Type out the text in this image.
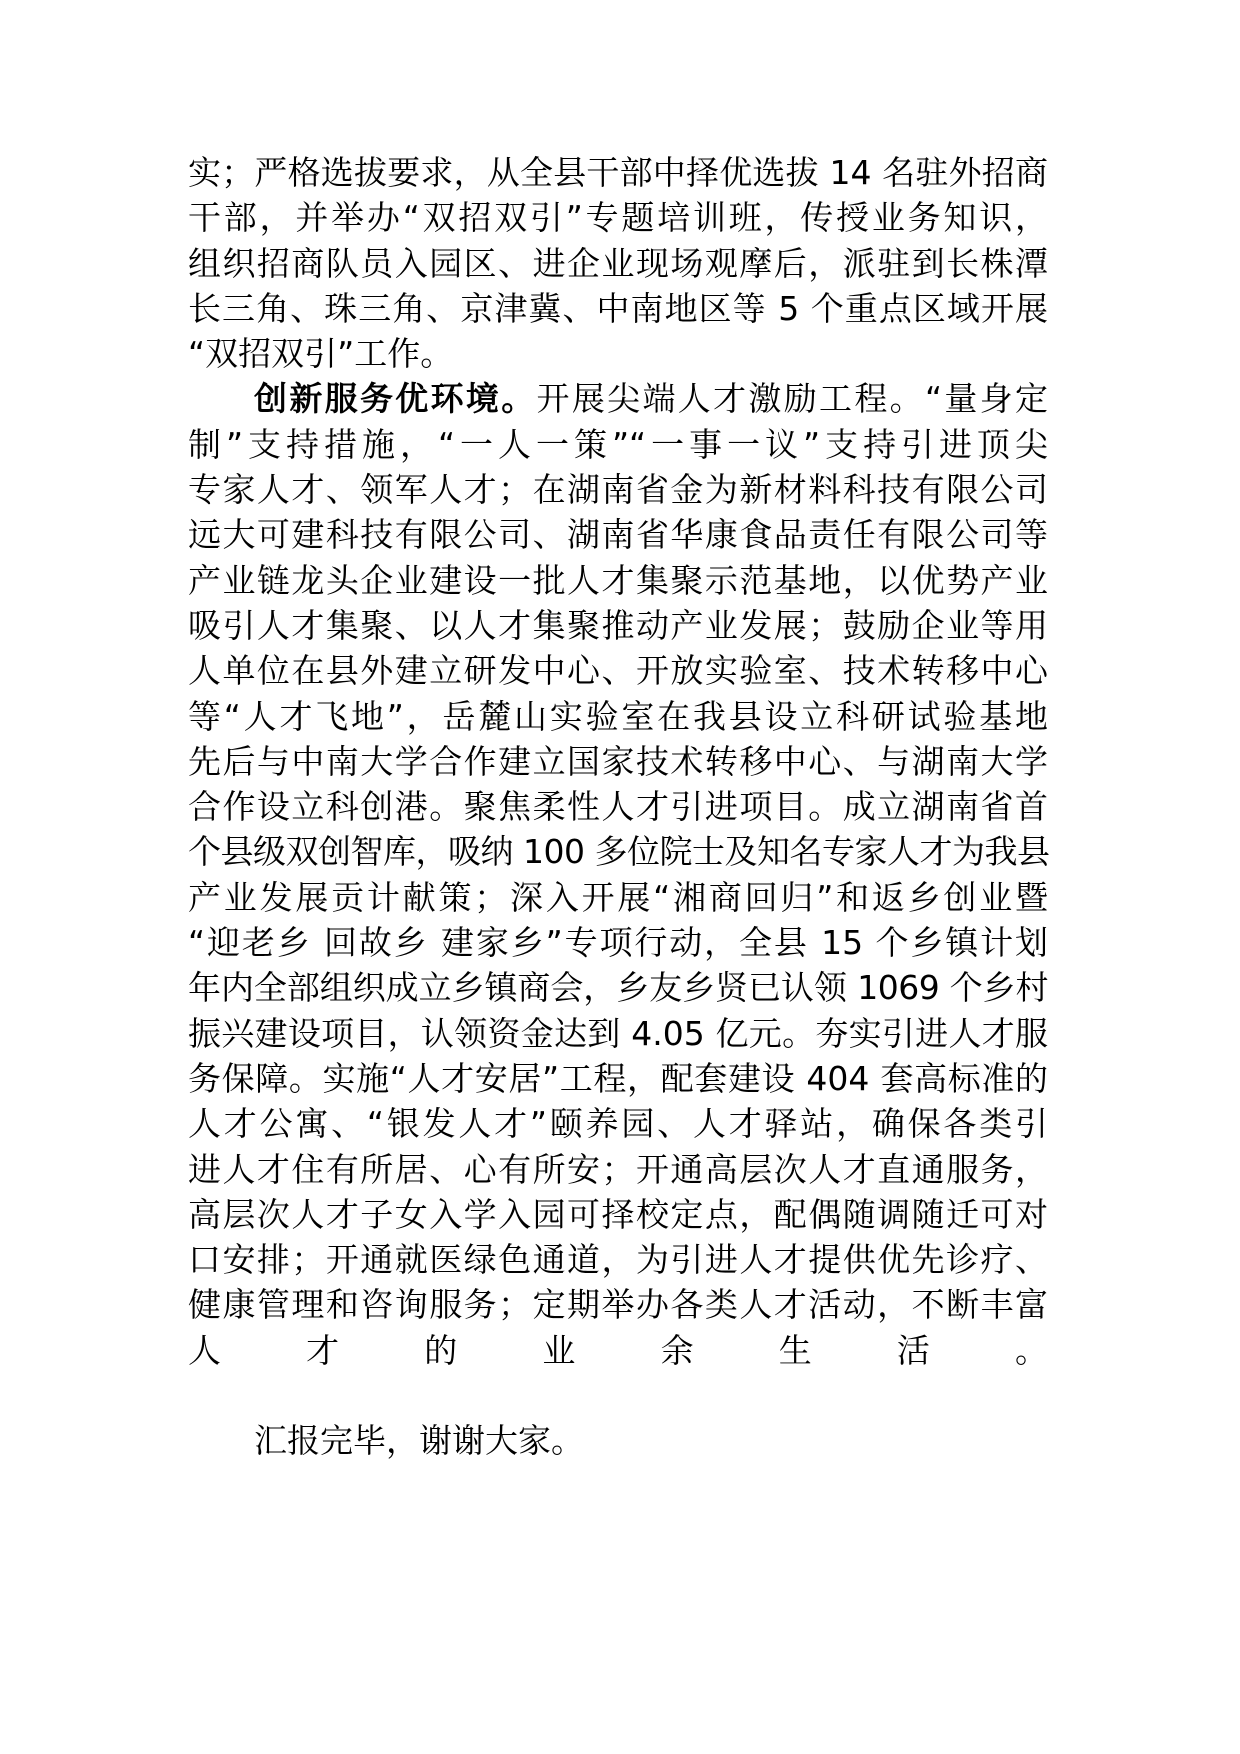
实；严格选拔要求，从全县干部中择优选拔 14 名驻外招商
干部，并举办“双招双引”专题培训班，传授业务知识，
组织招商队员入园区、进企业现场观摩后，派驻到长株潭
长三角、珠三角、京津冀、中南地区等 5 个重点区域开展
“双招双引”工作。
创新服务优环境。开展尖端人才激励工程。“量身定
制”支持措施，“一人一策”“一事一议”支持引进顶尖
专家人才、领军人才；在湖南省金为新材料科技有限公司
远大可建科技有限公司、湖南省华康食品责任有限公司等
产业链龙头企业建设一批人才集聚示范基地，以优势产业
吸引人才集聚、以人才集聚推动产业发展；鼓励企业等用
人单位在县外建立研发中心、开放实验室、技术转移中心
等“人才飞地”，岳麓山实验室在我县设立科研试验基地
先后与中南大学合作建立国家技术转移中心、与湖南大学
合作设立科创港。聚焦柔性人才引进项目。成立湖南省首
个县级双创智库，吸纳 100 多位院士及知名专家人才为我县
产业发展贡计献策；深入开展“湘商回归”和返乡创业暨
“迎老乡 回故乡 建家乡”专项行动，全县 15 个乡镇计划
年内全部组织成立乡镇商会，乡友乡贤已认领 1069 个乡村
振兴建设项目，认领资金达到 4.05 亿元。夯实引进人才服
务保障。实施“人才安居”工程，配套建设 404 套高标准的
人才公寓、“银发人才”颐养园、人才驿站，确保各类引
进人才住有所居、心有所安；开通高层次人才直通服务，
高层次人才子女入学入园可择校定点，配偶随调随迁可对
口安排；开通就医绿色通道，为引进人才提供优先诊疗、
健康管理和咨询服务；定期举办各类人才活动，不断丰富
人才的业余生活。
汇报完毕，谢谢大家。
